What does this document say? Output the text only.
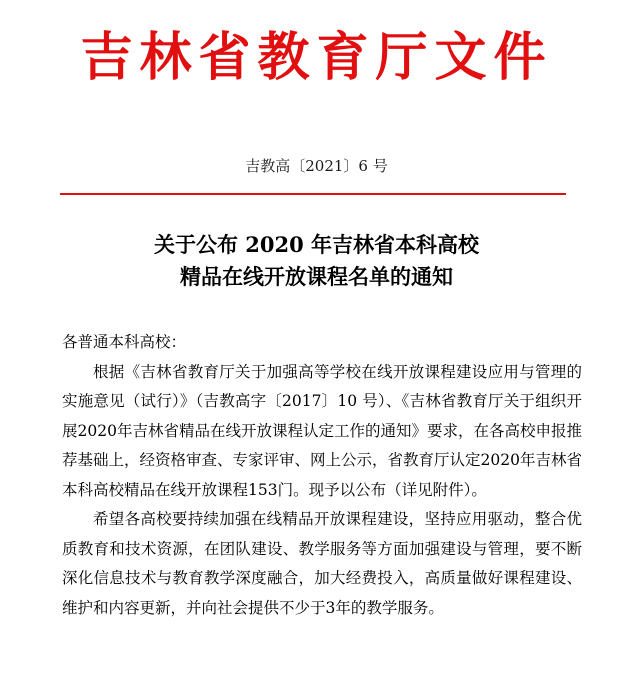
吉林省教育厅文件
吉教高〔2021〕6 号
关于公布 2020 年吉林省本科高校
精品在线开放课程名单的通知

各普通本科高校：

根据《吉林省教育厅关于加强高等学校在线开放课程建设应用与管理的实施意见（试行）》（吉教高字〔2017〕10 号）、《吉林省教育厅关于组织开展2020年吉林省精品在线开放课程认定工作的通知》要求，在各高校申报推荐基础上，经资格审查、专家评审、网上公示，省教育厅认定2020年吉林省本科高校精品在线开放课程153门。现予以公布（详见附件）。

希望各高校要持续加强在线精品开放课程建设，坚持应用驱动，整合优质教育和技术资源，在团队建设、教学服务等方面加强建设与管理，要不断深化信息技术与教育教学深度融合，加大经费投入，高质量做好课程建设、维护和内容更新，并向社会提供不少于3年的教学服务。
